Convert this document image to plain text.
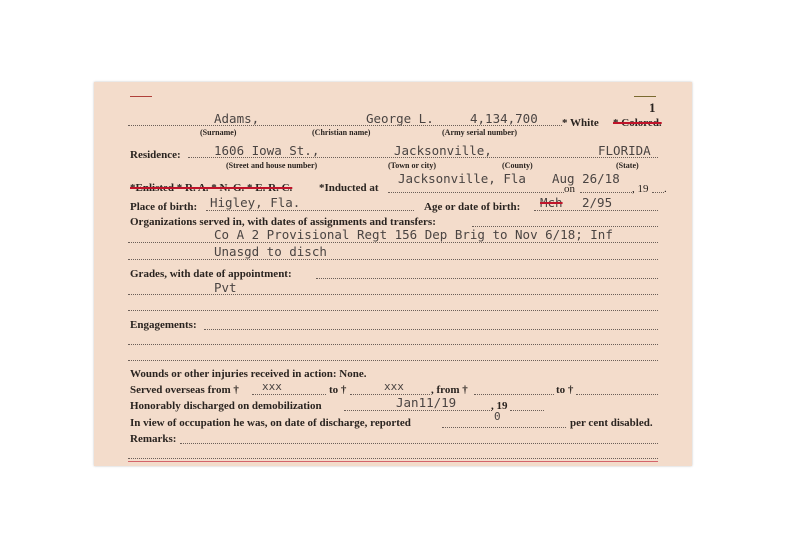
1
Adams,	George L.	4,134,700 * White * Colored.
(Surname)	(Christian name)	(Army serial number)
Residence:	1606 Iowa St.,	Jacksonville,	FLORIDA
(Street and house number)	(Town or city)	(County)	(State)
*Enlisted * R. A. * N. G. * E. R. C. *Inducted at
Jacksonville, Fla Aug 26/18
on	, 19 .
Place of birth: Higley, Fla.	Age or date of birth: Mch 2/95
Organizations served in, with dates of assignments and transfers:
Co A 2 Provisional Regt 156 Dep Brig to Nov 6/18; Inf
Unasgd to disch
Grades, with date of appointment:
Pvt
Engagements:
Wounds or other injuries received in action: None.
Served overseas from † xxx	to †	xxx , from †	to †
Honorably discharged on demobilization	Jan11/19	, 19
In view of occupation he was, on date of discharge, reported	0	per cent disabled.
Remarks:
